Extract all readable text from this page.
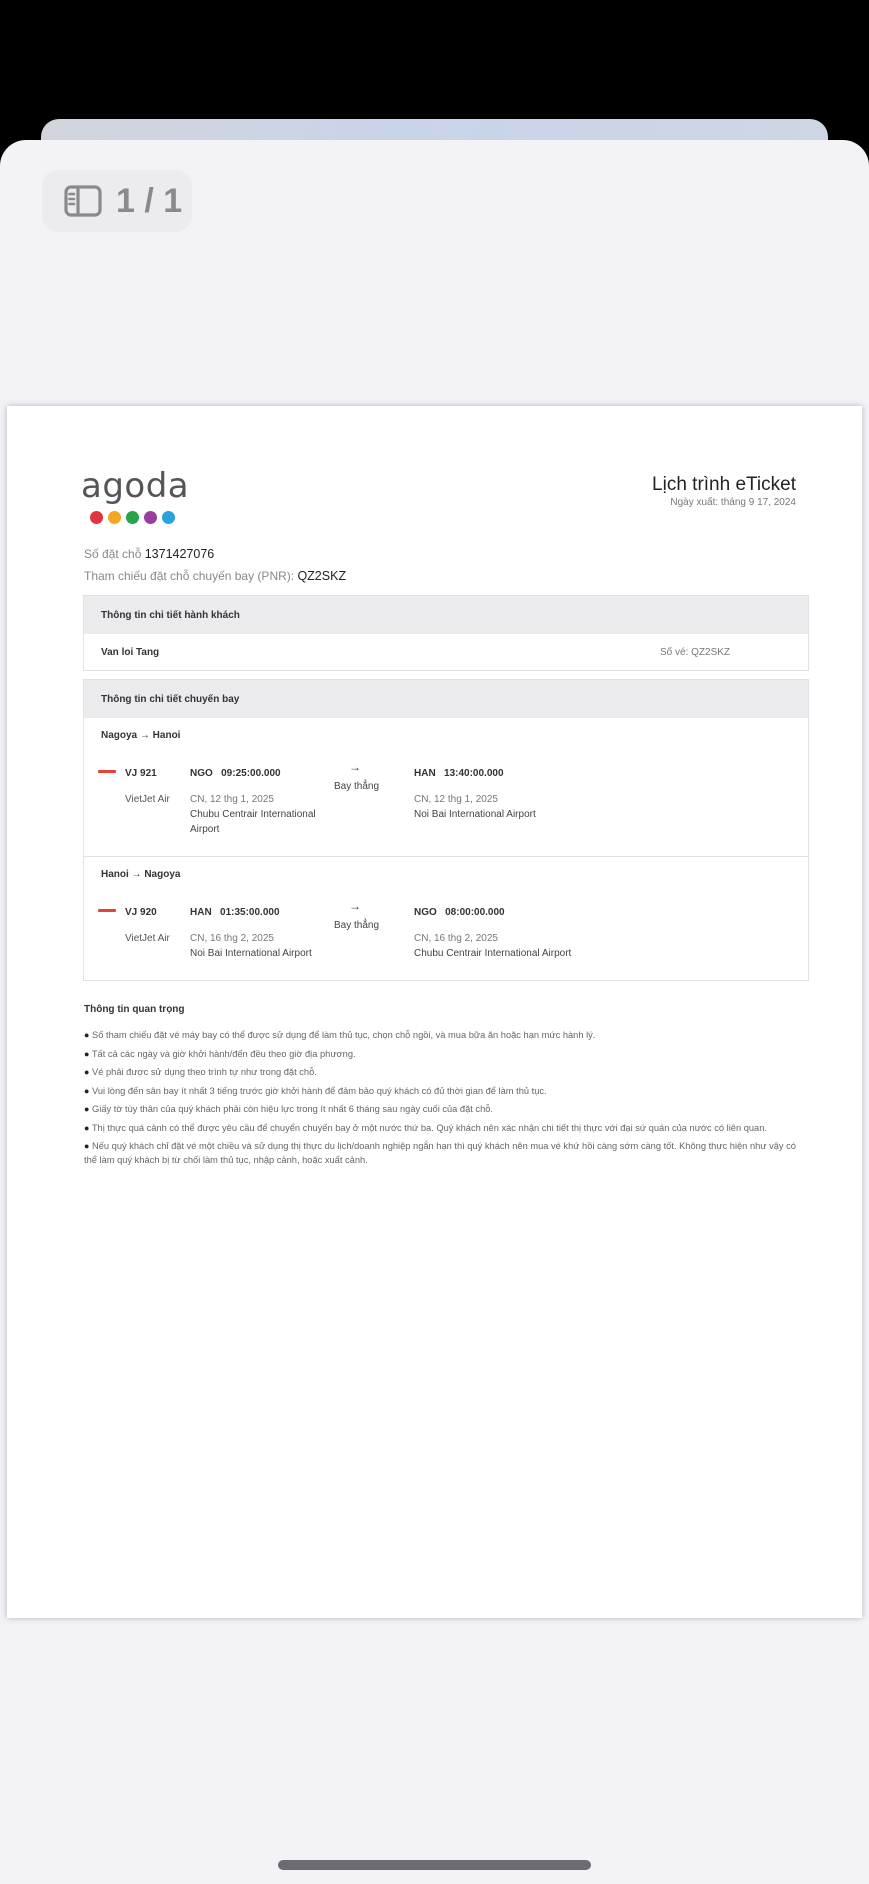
1 / 1
agoda	Lịch trình eTicket
Ngày xuất: tháng 9 17, 2024
Số đặt chỗ 1371427076
Tham chiếu đặt chỗ chuyến bay (PNR): QZ2SKZ
Thông tin chi tiết hành khách
Van loi Tang	Số vé: QZ2SKZ
Thông tin chi tiết chuyến bay
Nagoya → Hanoi
VJ 921
VietJet Air
NGO 09:25:00.000
CN, 12 thg 1, 2025
Chubu Centrair International Airport
→
Bay thẳng
HAN 13:40:00.000
CN, 12 thg 1, 2025
Noi Bai International Airport
Hanoi → Nagoya
VJ 920
VietJet Air
HAN 01:35:00.000
CN, 16 thg 2, 2025
Noi Bai International Airport
→
Bay thẳng
NGO 08:00:00.000
CN, 16 thg 2, 2025
Chubu Centrair International Airport
Thông tin quan trọng
● Số tham chiếu đặt vé máy bay có thể được sử dụng để làm thủ tục, chọn chỗ ngồi, và mua bữa ăn hoặc hạn mức hành lý.
● Tất cả các ngày và giờ khởi hành/đến đều theo giờ địa phương.
● Vé phải được sử dụng theo trình tự như trong đặt chỗ.
● Vui lòng đến sân bay ít nhất 3 tiếng trước giờ khởi hành để đảm bảo quý khách có đủ thời gian để làm thủ tục.
● Giấy tờ tùy thân của quý khách phải còn hiệu lực trong ít nhất 6 tháng sau ngày cuối của đặt chỗ.
● Thị thực quá cảnh có thể được yêu cầu để chuyển chuyến bay ở một nước thứ ba. Quý khách nên xác nhận chi tiết thị thực với đại sứ quán của nước có liên quan.
● Nếu quý khách chỉ đặt vé một chiều và sử dụng thị thực du lịch/doanh nghiệp ngắn hạn thì quý khách nên mua vé khứ hồi càng sớm càng tốt. Không thực hiện như vậy có thể làm quý khách bị từ chối làm thủ tục, nhập cảnh, hoặc xuất cảnh.
